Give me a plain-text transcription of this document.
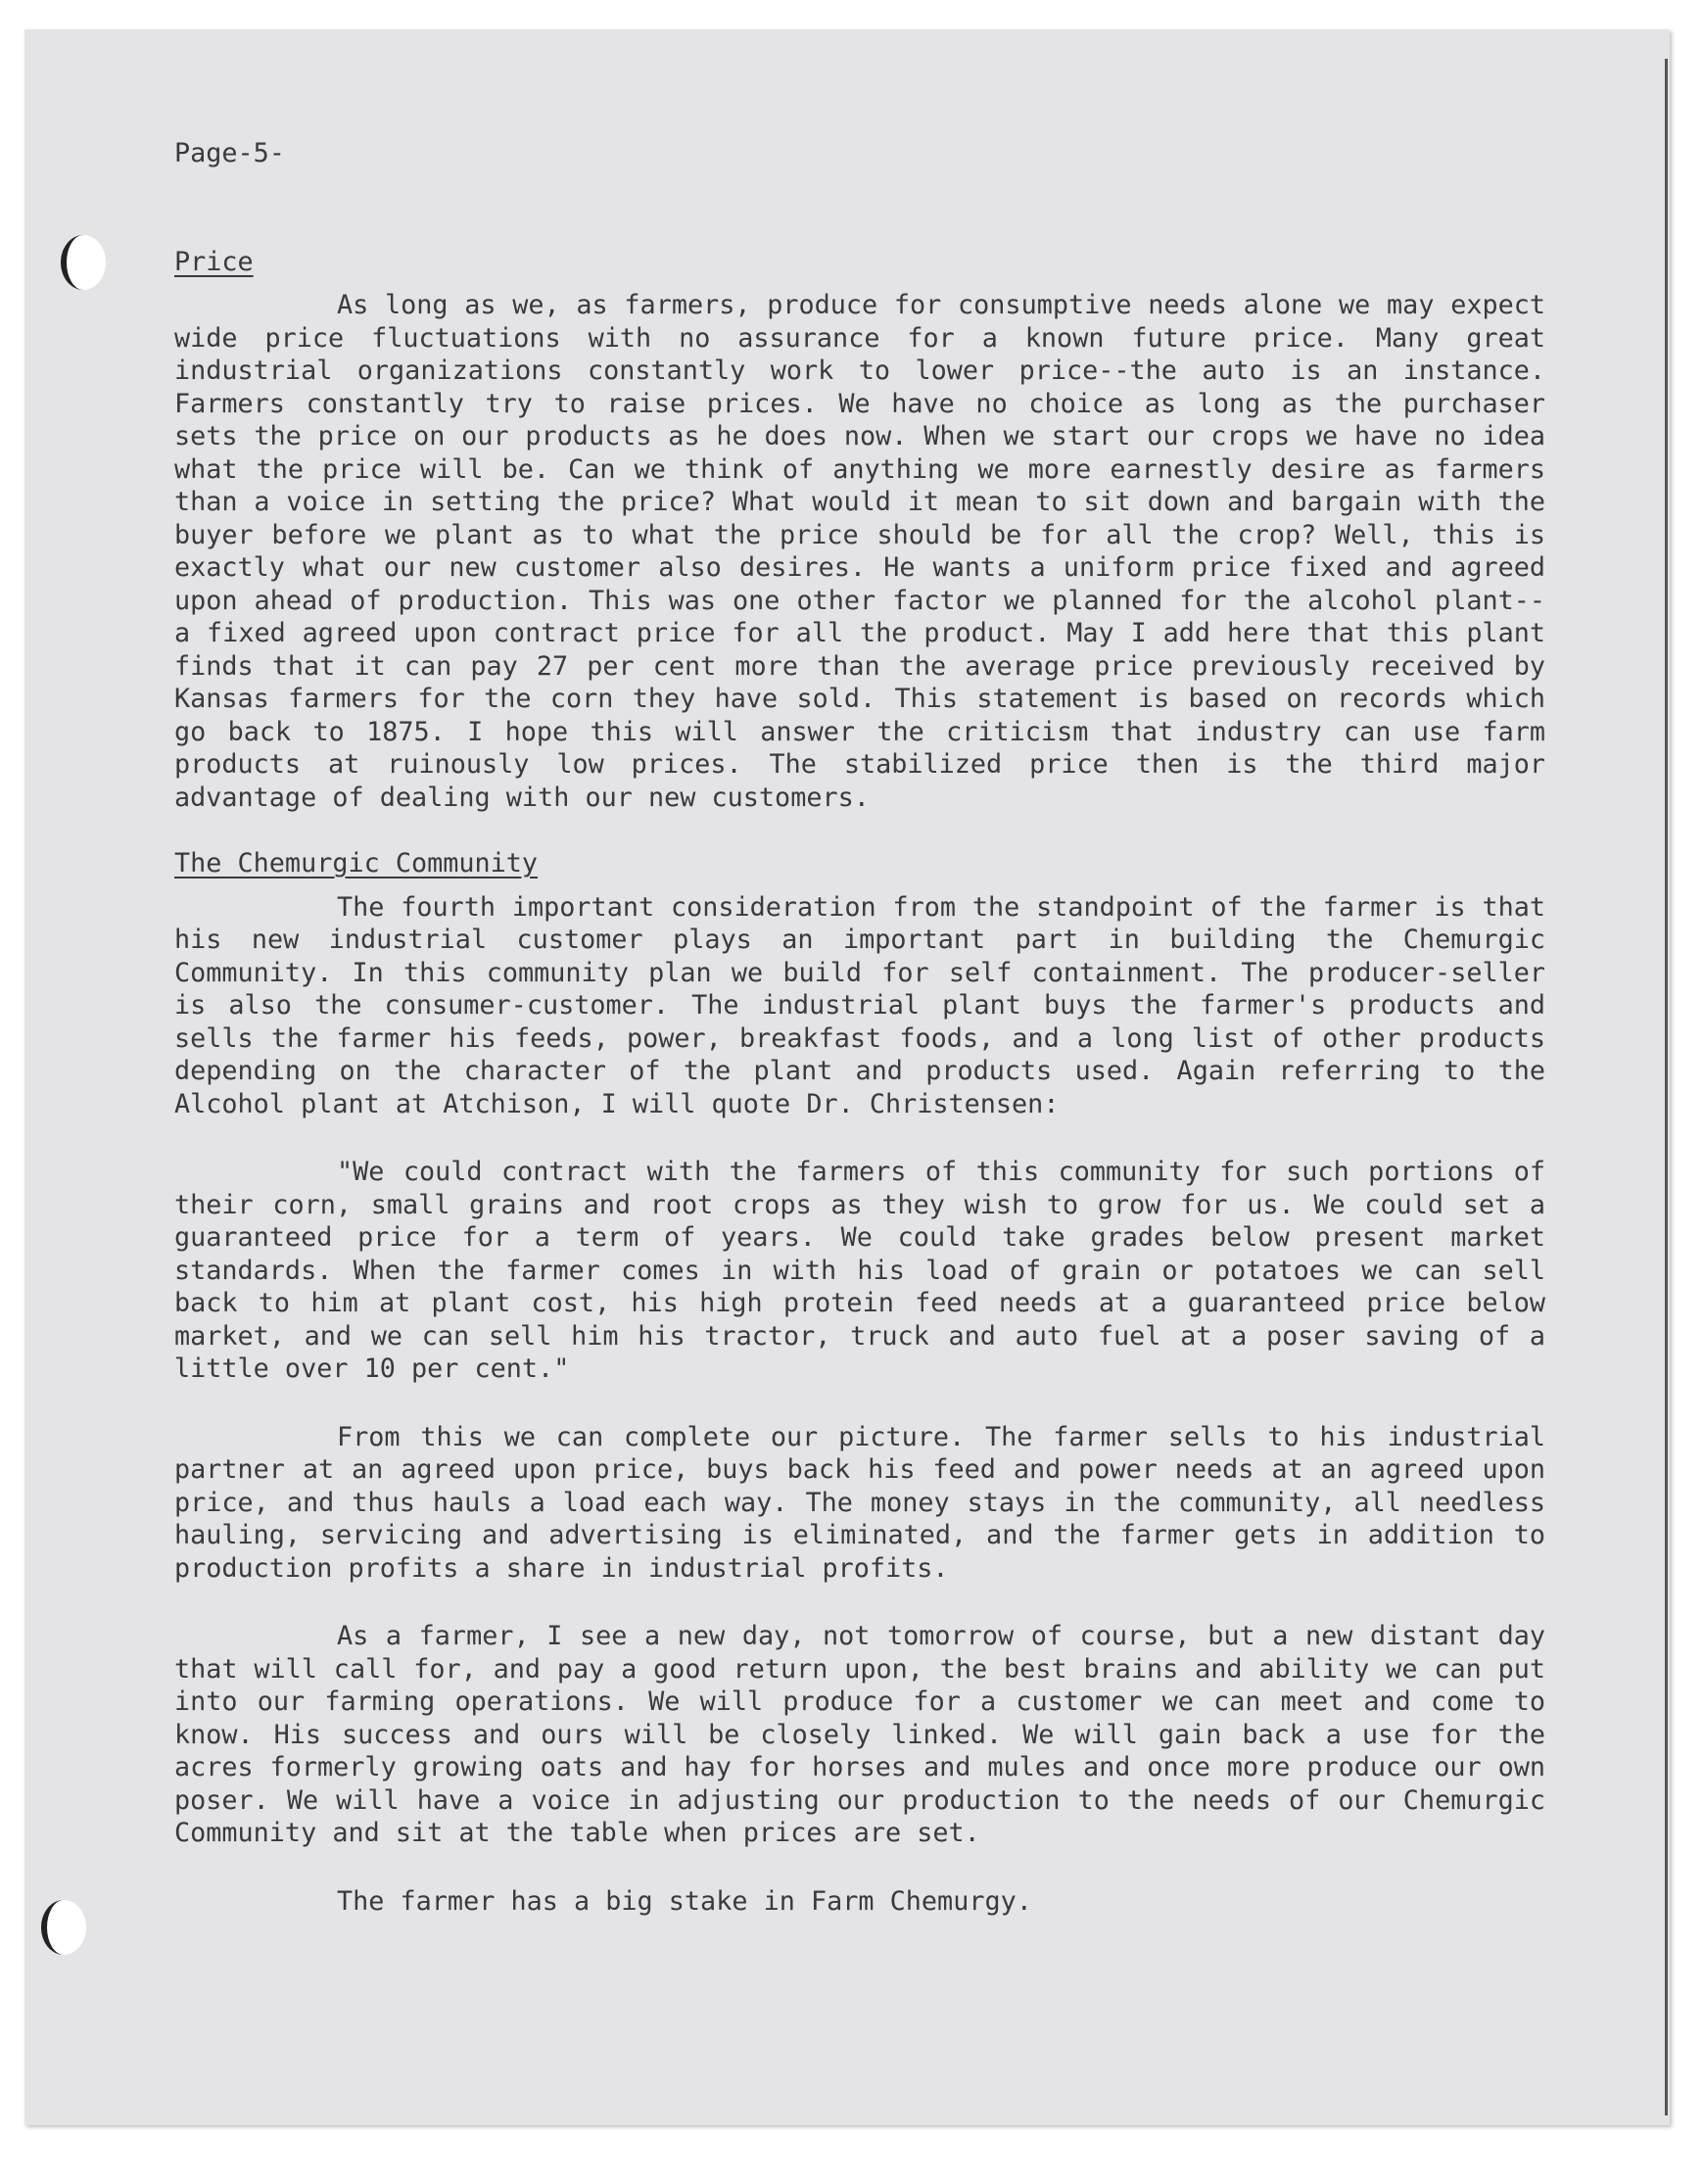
Page-5-

Price

As long as we, as farmers, produce for consumptive needs alone we may expect wide price fluctuations with no assurance for a known future price. Many great industrial organizations constantly work to lower price--the auto is an instance. Farmers constantly try to raise prices. We have no choice as long as the purchaser sets the price on our products as he does now. When we start our crops we have no idea what the price will be. Can we think of anything we more earnestly desire as farmers than a voice in setting the price? What would it mean to sit down and bargain with the buyer before we plant as to what the price should be for all the crop? Well, this is exactly what our new customer also desires. He wants a uniform price fixed and agreed upon ahead of production. This was one other factor we planned for the alcohol plant--a fixed agreed upon contract price for all the product. May I add here that this plant finds that it can pay 27 per cent more than the average price previously received by Kansas farmers for the corn they have sold. This statement is based on records which go back to 1875. I hope this will answer the criticism that industry can use farm products at ruinously low prices. The stabilized price then is the third major advantage of dealing with our new customers.

The Chemurgic Community

The fourth important consideration from the standpoint of the farmer is that his new industrial customer plays an important part in building the Chemurgic Community. In this community plan we build for self containment. The producer-seller is also the consumer-customer. The industrial plant buys the farmer's products and sells the farmer his feeds, power, breakfast foods, and a long list of other products depending on the character of the plant and products used. Again referring to the Alcohol plant at Atchison, I will quote Dr. Christensen:

"We could contract with the farmers of this community for such portions of their corn, small grains and root crops as they wish to grow for us. We could set a guaranteed price for a term of years. We could take grades below present market standards. When the farmer comes in with his load of grain or potatoes we can sell back to him at plant cost, his high protein feed needs at a guaranteed price below market, and we can sell him his tractor, truck and auto fuel at a poser saving of a little over 10 per cent."

From this we can complete our picture. The farmer sells to his industrial partner at an agreed upon price, buys back his feed and power needs at an agreed upon price, and thus hauls a load each way. The money stays in the community, all needless hauling, servicing and advertising is eliminated, and the farmer gets in addition to production profits a share in industrial profits.

As a farmer, I see a new day, not tomorrow of course, but a new distant day that will call for, and pay a good return upon, the best brains and ability we can put into our farming operations. We will produce for a customer we can meet and come to know. His success and ours will be closely linked. We will gain back a use for the acres formerly growing oats and hay for horses and mules and once more produce our own poser. We will have a voice in adjusting our production to the needs of our Chemurgic Community and sit at the table when prices are set.

The farmer has a big stake in Farm Chemurgy.
